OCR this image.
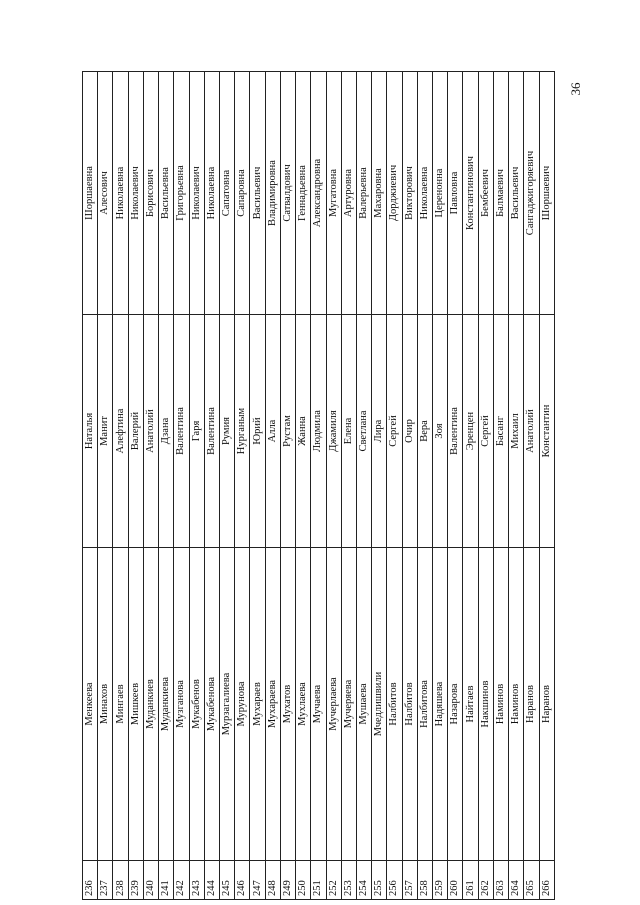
36
236	Менкеева	Наталья	Шоршаевна
237	Минахов	Манит	Алесович
238	Мингаев	Алефтина	Николаевна
239	Мишкеев	Валерий	Николаевич
240	Муданкиев	Анатолий	Борисович
241	Муданкиева	Дзана	Васильевна
242	Музганова	Валентина	Григорьевна
243	Мукабенов	Гаря	Николаевич
244	Мукабенова	Валентина	Николаевна
245	Мурзагалиева	Румия	Сапатовна
246	Мурунова	Нурганым	Сапаровна
247	Мухараев	Юрий	Васильевич
248	Мухараева	Алла	Владимировна
249	Мухатов	Рустам	Сатвалдович
250	Мухлаева	Жанна	Геннадьевна
251	Мучаева	Людмила	Александровна
252	Мучерлаева	Джамиля	Мугатовна
253	Мучеряева	Елена	Артуровна
254	Мушаева	Светлана	Валерьевна
255	Мчедлишвили	Лира	Махаровна
256	Налбитов	Сергей	Дорджиевич
257	Налбитов	Очир	Викторович
258	Налбитова	Вера	Николаевна
259	Надяшева	Зоя	Церенонна
260	Назарова	Валентина	Павловна
261	Найтаев	Эренцен	Константинович
262	Накшинов	Сергей	Бембеевич
263	Наминов	Басанг	Балмаевич
264	Наминов	Михаил	Васильевич
265	Наранов	Анатолий	Сангаджигоряевич
266	Наранов	Константин	Шоршаевич
